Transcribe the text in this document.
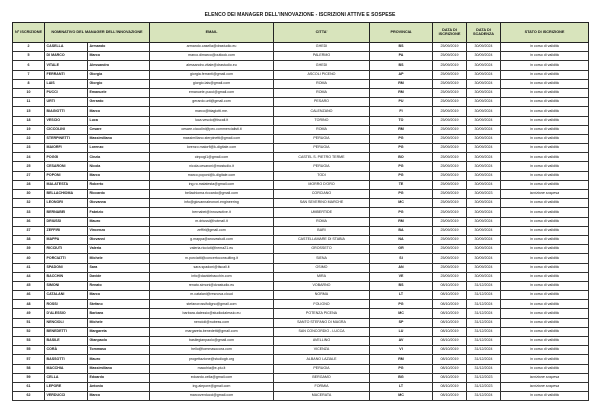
ELENCO DEI MANAGER DELL'INNOVAZIONE - ISCRIZIONI ATTIVE E SOSPESE
N° ISCRIZIONE	NOMINATIVO DEL MANAGER DELL'INNOVAZIONE		EMAIL	CITTA'	PROVINCIA	DATA DI ISCRIZIONE	DATA DI SCADENZA	STATO DI ISCRIZIONE
2	CASELLA	Armando	armando.casella@drastudio.eu	GHEDI	BS	25/09/2019	30/09/2024	in corso di validità
5	DI MARCO	Marco	marco.dimarco@outlook.com	PALERMO	PA	25/09/2019	30/09/2024	in corso di validità
6	VITALE	Alessandro	alessandro.vitale@drastudio.eu	GHEDI	BS	25/09/2019	30/09/2024	in corso di validità
7	FERRANTI	Giorgia	giorgia.ferranti@gmail.com	ASCOLI PICENO	AP	25/09/2019	30/09/2024	in corso di validità
8	LAIS	Giorgio	giorgio.lais@gmail.com	ROMA	RM	25/09/2019	30/09/2024	in corso di validità
10	PUCCI	Emanuele	emanuele.pucci@gmail.com	ROMA	RM	25/09/2019	30/09/2024	in corso di validità
11	URTI	Gerardo	gerardo.urti@gmail.com	PESARO	PU	25/09/2019	30/09/2024	in corso di validità
15	BIAGIOTTI	Marco	marco@biagiotti.me.	CALENZANO	FI	25/09/2019	30/09/2024	in corso di validità
18	VESCIO	Luca	luca.vescio@tiscali.it	TORINO	TO	25/09/2019	30/09/2024	in corso di validità
19	CICCOLINI	Cesare	cesare.ciccolini@pec.commercialisti.it	ROMA	RM	25/09/2019	30/09/2024	in corso di validità
22	STERPINETTI	Massimiliano	massimiliano.sterpinetti@gmail.com	PERUGIA	PG	25/09/2019	30/09/2024	in corso di validità
23	MAIORFI	Lorenzo	lorenzo.maiorfi@k-digitale.com	PERUGIA	PG	25/09/2019	30/09/2024	in corso di validità
24	POGGI	Cinzia	cinpogi1@gmail.com	CASTEL S. PIETRO TERME	BO	25/09/2019	30/09/2024	in corso di validità
25	CESARONI	Nicola	nicola.cesaroni@mcstudio.it	PERUGIA	PG	25/09/2019	30/09/2024	in corso di validità
27	POPONI	Marco	marco.poponi@k-digitale.com	TODI	PG	25/09/2019	30/09/2024	in corso di validità
28	MALATESTA	Roberto	ing.ro.malatesta@gmail.com	MORRO D'ORO	TE	25/09/2019	30/09/2024	in corso di validità
30	BELLACHIOMA	Riccardo	bellachioma.riccardo@gmail.com	CORCIANO	PG	25/09/2019	30/09/2023	iscrizione sospesa
32	LEONORI	Giovanna	info@giovannaleonori.engineering	SAN SEVERINO MARCHE	MC	25/09/2019	30/09/2024	in corso di validità
33	BERNABEI	Fabrizio	bernabei@innovactive.it	UMBERTIDE	PG	25/09/2019	30/09/2024	in corso di validità
36	DRIUSSI	Mauro	m.driussi@hotmail.it	ROMA	RM	25/09/2019	30/09/2024	in corso di validità
37	ZEFFIRI	Vincenzo	zeffiri@gmail.com	BARI	BA	25/09/2019	30/09/2024	in corso di validità
38	MAPPA	Giovanni	g.mappa@anovastudi.com	CASTELLAMARE DI STABIA	NA	25/09/2019	30/09/2024	in corso di validità
39	RICCIUTI	Valeria	valeria.ricciuti@hema21.eu	GROSSETO	GR	25/09/2019	30/09/2024	in corso di validità
40	PORCIATTI	Michele	m.porciatti@concertoconsulting.it	SIENA	SI	25/09/2019	30/09/2024	in corso di validità
41	SPADONI	Sara	sara.spadoni@tiscali.it	OSIMO	AN	25/09/2019	30/09/2024	in corso di validità
44	BACCHIN	Davide	info@davidebacchin.com	MIRA	VE	25/09/2019	30/09/2024	in corso di validità
45	SIMONI	Renato	renato.simoni@dvastudio.eu	VOBARNO	BS	08/10/2019	31/12/2024	in corso di validità
46	CATALANI	Marco	m.catalani@resnova.cloud	NORMA	LT	08/10/2019	31/12/2024	in corso di validità
48	ROSSI	Stefano	stefanorossifoligno@gmail.com	FOLIGNO	PG	08/10/2019	31/12/2024	in corso di validità
49	D'ALESSIO	Barbara	barbara.dalessio@studiodalessio.eu	POTENZA PICENA	MC	08/10/2019	31/12/2024	in corso di validità
51	NENCIOLI	Michele	nencioli@nubess.com	SANTO STEFANO DI MAGRA	SP	08/10/2019	31/12/2024	in corso di validità
52	BENEDETTI	Margareta	margareta.benedetti@gmail.com	SAN CONCORDIO - LUCCA	LU	08/10/2019	31/12/2024	in corso di validità
53	BASILE	Gianpaolo	basilegianpaolo@gmail.com	AVELLINO	AV	08/10/2019	31/12/2024	in corso di validità
55	CORÀ	Tommaso	hello@tommasocora.com	VICENZA	VI	08/10/2019	31/12/2024	in corso di validità
57	BASSOTTI	Mauro	progettazione@studiogb.org	ALBANO LAZIALE	RM	08/10/2019	31/12/2024	in corso di validità
58	MACCHIA	Massimiliano	macchia@e-piu.it	PERUGIA	PG	08/10/2019	31/12/2024	in corso di validità
59	CELLA	Edoardo	edoardo.cella@gmail.com	BERGAMO	BG	08/10/2019	31/12/2023	iscrizione sospesa
61	LEPORE	Antonio	ing.alepore@gmail.com	FORMIA	LT	08/10/2019	31/12/2023	iscrizione sospesa
62	VERDUCCI	Marco	marcoverducci@gmail.com	MACERATA	MC	08/10/2019	31/12/2024	in corso di validità
